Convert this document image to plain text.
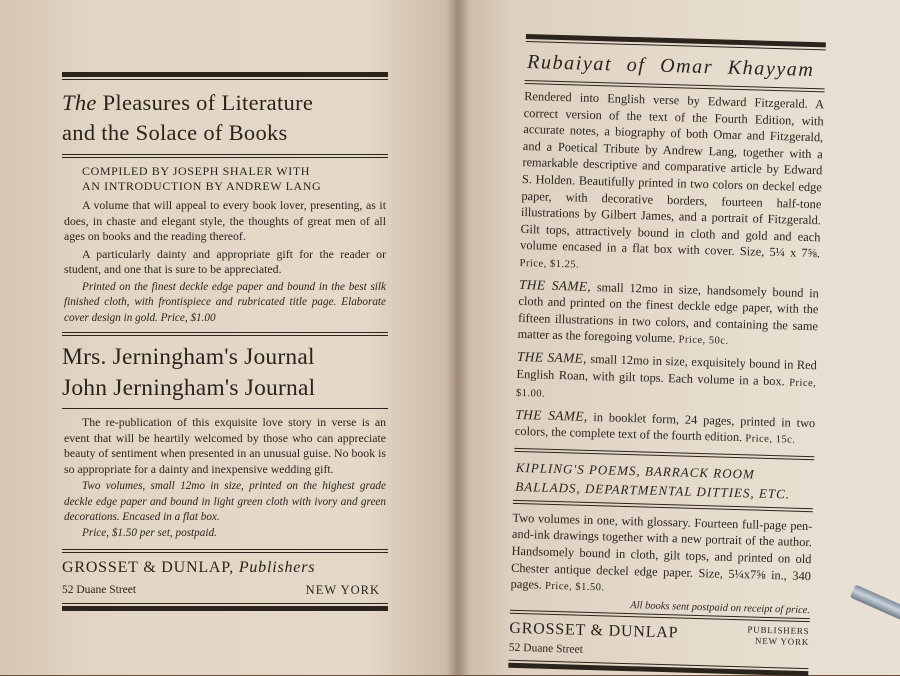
The Pleasures of Literature
and the Solace of Books
COMPILED BY JOSEPH SHALER WITH
AN INTRODUCTION BY ANDREW LANG

A volume that will appeal to every book lover, presenting, as it does, in chaste and elegant style, the thoughts of great men of all ages on books and the reading thereof.

A particularly dainty and appropriate gift for the reader or student, and one that is sure to be appreciated.

Printed on the finest deckle edge paper and bound in the best silk finished cloth, with frontispiece and rubricated title page. Elaborate cover design in gold. Price, $1.00

Mrs. Jerningham's Journal
John Jerningham's Journal

The re-publication of this exquisite love story in verse is an event that will be heartily welcomed by those who can appreciate beauty of sentiment when presented in an unusual guise. No book is so appropriate for a dainty and inexpensive wedding gift.

Two volumes, small 12mo in size, printed on the highest grade deckle edge paper and bound in light green cloth with ivory and green decorations. Encased in a flat box.

Price, $1.50 per set, postpaid.

GROSSET & DUNLAP, Publishers
52 Duane Street	NEW YORK
Rubaiyat of Omar Khayyam
Rendered into English verse by Edward Fitzgerald. A correct version of the text of the Fourth Edition, with accurate notes, a biography of both Omar and Fitzgerald, and a Poetical Tribute by Andrew Lang, together with a remarkable descriptive and comparative article by Edward S. Holden. Beautifully printed in two colors on deckel edge paper, with decorative borders, fourteen half-tone illustrations by Gilbert James, and a portrait of Fitzgerald. Gilt tops, attractively bound in cloth and gold and each volume encased in a flat box with cover. Size, 5¼ x 7⅝. Price, $1.25.
THE SAME, small 12mo in size, handsomely bound in cloth and printed on the finest deckle edge paper, with the fifteen illustrations in two colors, and containing the same matter as the foregoing volume. Price, 50c.
THE SAME, small 12mo in size, exquisitely bound in Red English Roan, with gilt tops. Each volume in a box. Price, $1.00.
THE SAME, in booklet form, 24 pages, printed in two colors, the complete text of the fourth edition. Price, 15c.
KIPLING'S POEMS, BARRACK ROOM BALLADS, DEPARTMENTAL DITTIES, ETC.
Two volumes in one, with glossary. Fourteen full-page pen-and-ink drawings together with a new portrait of the author. Handsomely bound in cloth, gilt tops, and printed on old Chester antique deckel edge paper. Size, 5¼x7⅝ in., 340 pages. Price, $1.50.
All books sent postpaid on receipt of price.
GROSSET & DUNLAP	PUBLISHERS
NEW YORK
52 Duane Street
